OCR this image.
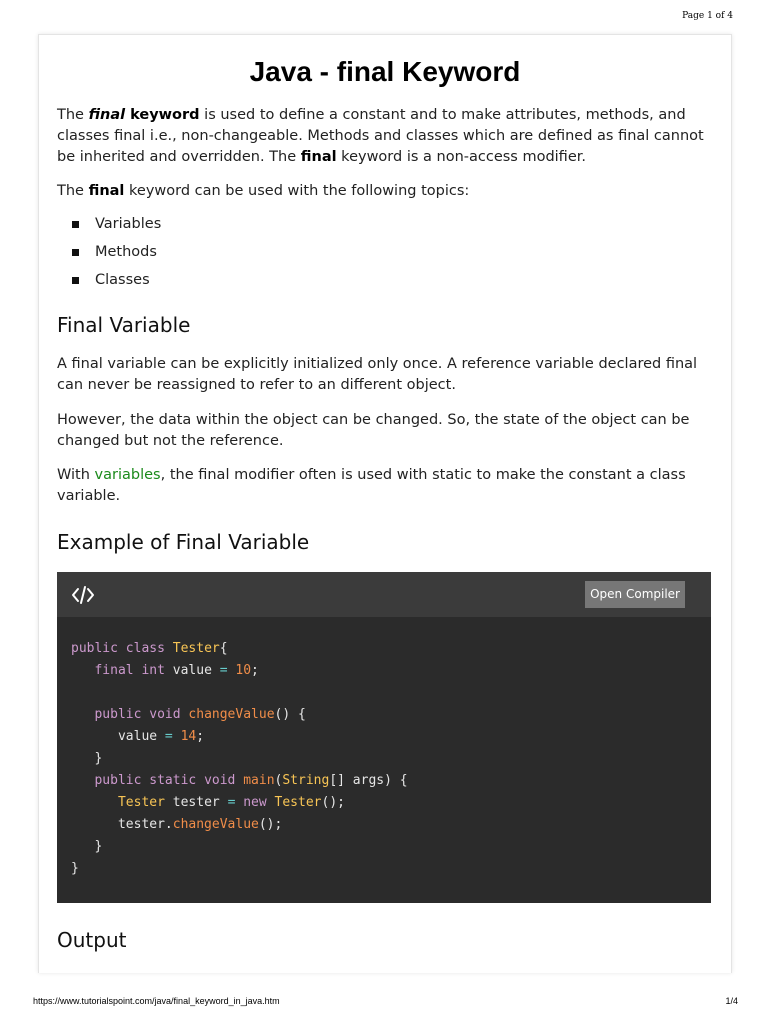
Page 1 of 4
Java - final Keyword

The final keyword is used to define a constant and to make attributes, methods, and classes final i.e., non-changeable. Methods and classes which are defined as final cannot be inherited and overridden. The final keyword is a non-access modifier.

The final keyword can be used with the following topics:

Variables
Methods
Classes
Final Variable

A final variable can be explicitly initialized only once. A reference variable declared final can never be reassigned to refer to an different object.

However, the data within the object can be changed. So, the state of the object can be changed but not the reference.

With variables, the final modifier often is used with static to make the constant a class variable.

Example of Final Variable
Open Compiler
public class Tester{
final int value = 10;

public void changeValue() {
value = 14;
}
public static void main(String[] args) {
Tester tester = new Tester();
tester.changeValue();
}
}
Output
https://www.tutorialspoint.com/java/final_keyword_in_java.htm	1/4
